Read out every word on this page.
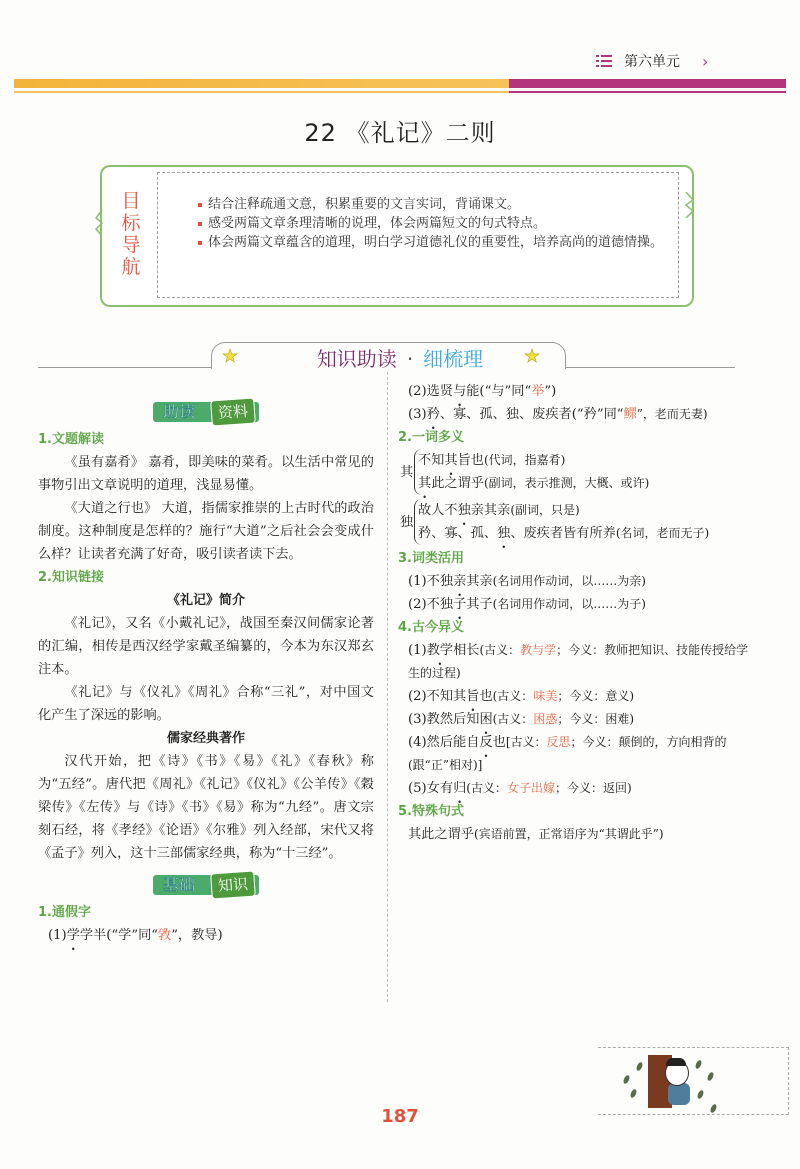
第六单元 ›
22 《礼记》二则
目
标
导
航
结合注释疏通文意，积累重要的文言实词，背诵课文。
感受两篇文章条理清晰的说理，体会两篇短文的句式特点。
体会两篇文章蕴含的道理，明白学习道德礼仪的重要性，培养高尚的道德情操。
★	★
知识助读 · 细梳理
助读	资料
1.文题解读

《虽有嘉肴》 嘉肴，即美味的菜肴。以生活中常见的事物引出文章说明的道理，浅显易懂。

《大道之行也》 大道，指儒家推崇的上古时代的政治制度。这种制度是怎样的？施行“大道”之后社会会变成什么样？让读者充满了好奇，吸引读者读下去。

2.知识链接
《礼记》简介

《礼记》，又名《小戴礼记》，战国至秦汉间儒家论著的汇编，相传是西汉经学家戴圣编纂的，今本为东汉郑玄注本。

《礼记》与《仪礼》《周礼》合称“三礼”，对中国文化产生了深远的影响。

儒家经典著作

汉代开始，把《诗》《书》《易》《礼》《春秋》称为“五经”。唐代把《周礼》《礼记》《仪礼》《公羊传》《穀梁传》《左传》与《诗》《书》《易》称为“九经”。唐文宗刻石经，将《孝经》《论语》《尔雅》列入经部，宋代又将《孟子》列入，这十三部儒家经典，称为“十三经”。

基础	知识
1.通假字

(1)学学半(“学”同“敩”，教导)

(2)选贤与能(“与”同“举”)

(3)矜、寡、孤、独、废疾者(“矜”同“鳏”，老而无妻)

2.一词多义
其
不知其旨也(代词，指嘉肴)
其此之谓乎(副词，表示推测，大概、或许)
独
故人不独亲其亲(副词，只是)
矜、寡、孤、独、废疾者皆有所养(名词，老而无子)
3.词类活用

(1)不独亲其亲(名词用作动词，以……为亲)

(2)不独子其子(名词用作动词，以……为子)

4.古今异义

(1)教学相长(古义：教与学；今义：教师把知识、技能传授给学生的过程)

(2)不知其旨也(古义：味美；今义：意义)

(3)教然后知困(古义：困惑；今义：困难)

(4)然后能自反也[古义：反思；今义：颠倒的，方向相背的(跟“正”相对)]

(5)女有归(古义：女子出嫁；今义：返回)

5.特殊句式

其此之谓乎(宾语前置，正常语序为“其谓此乎”)

187
